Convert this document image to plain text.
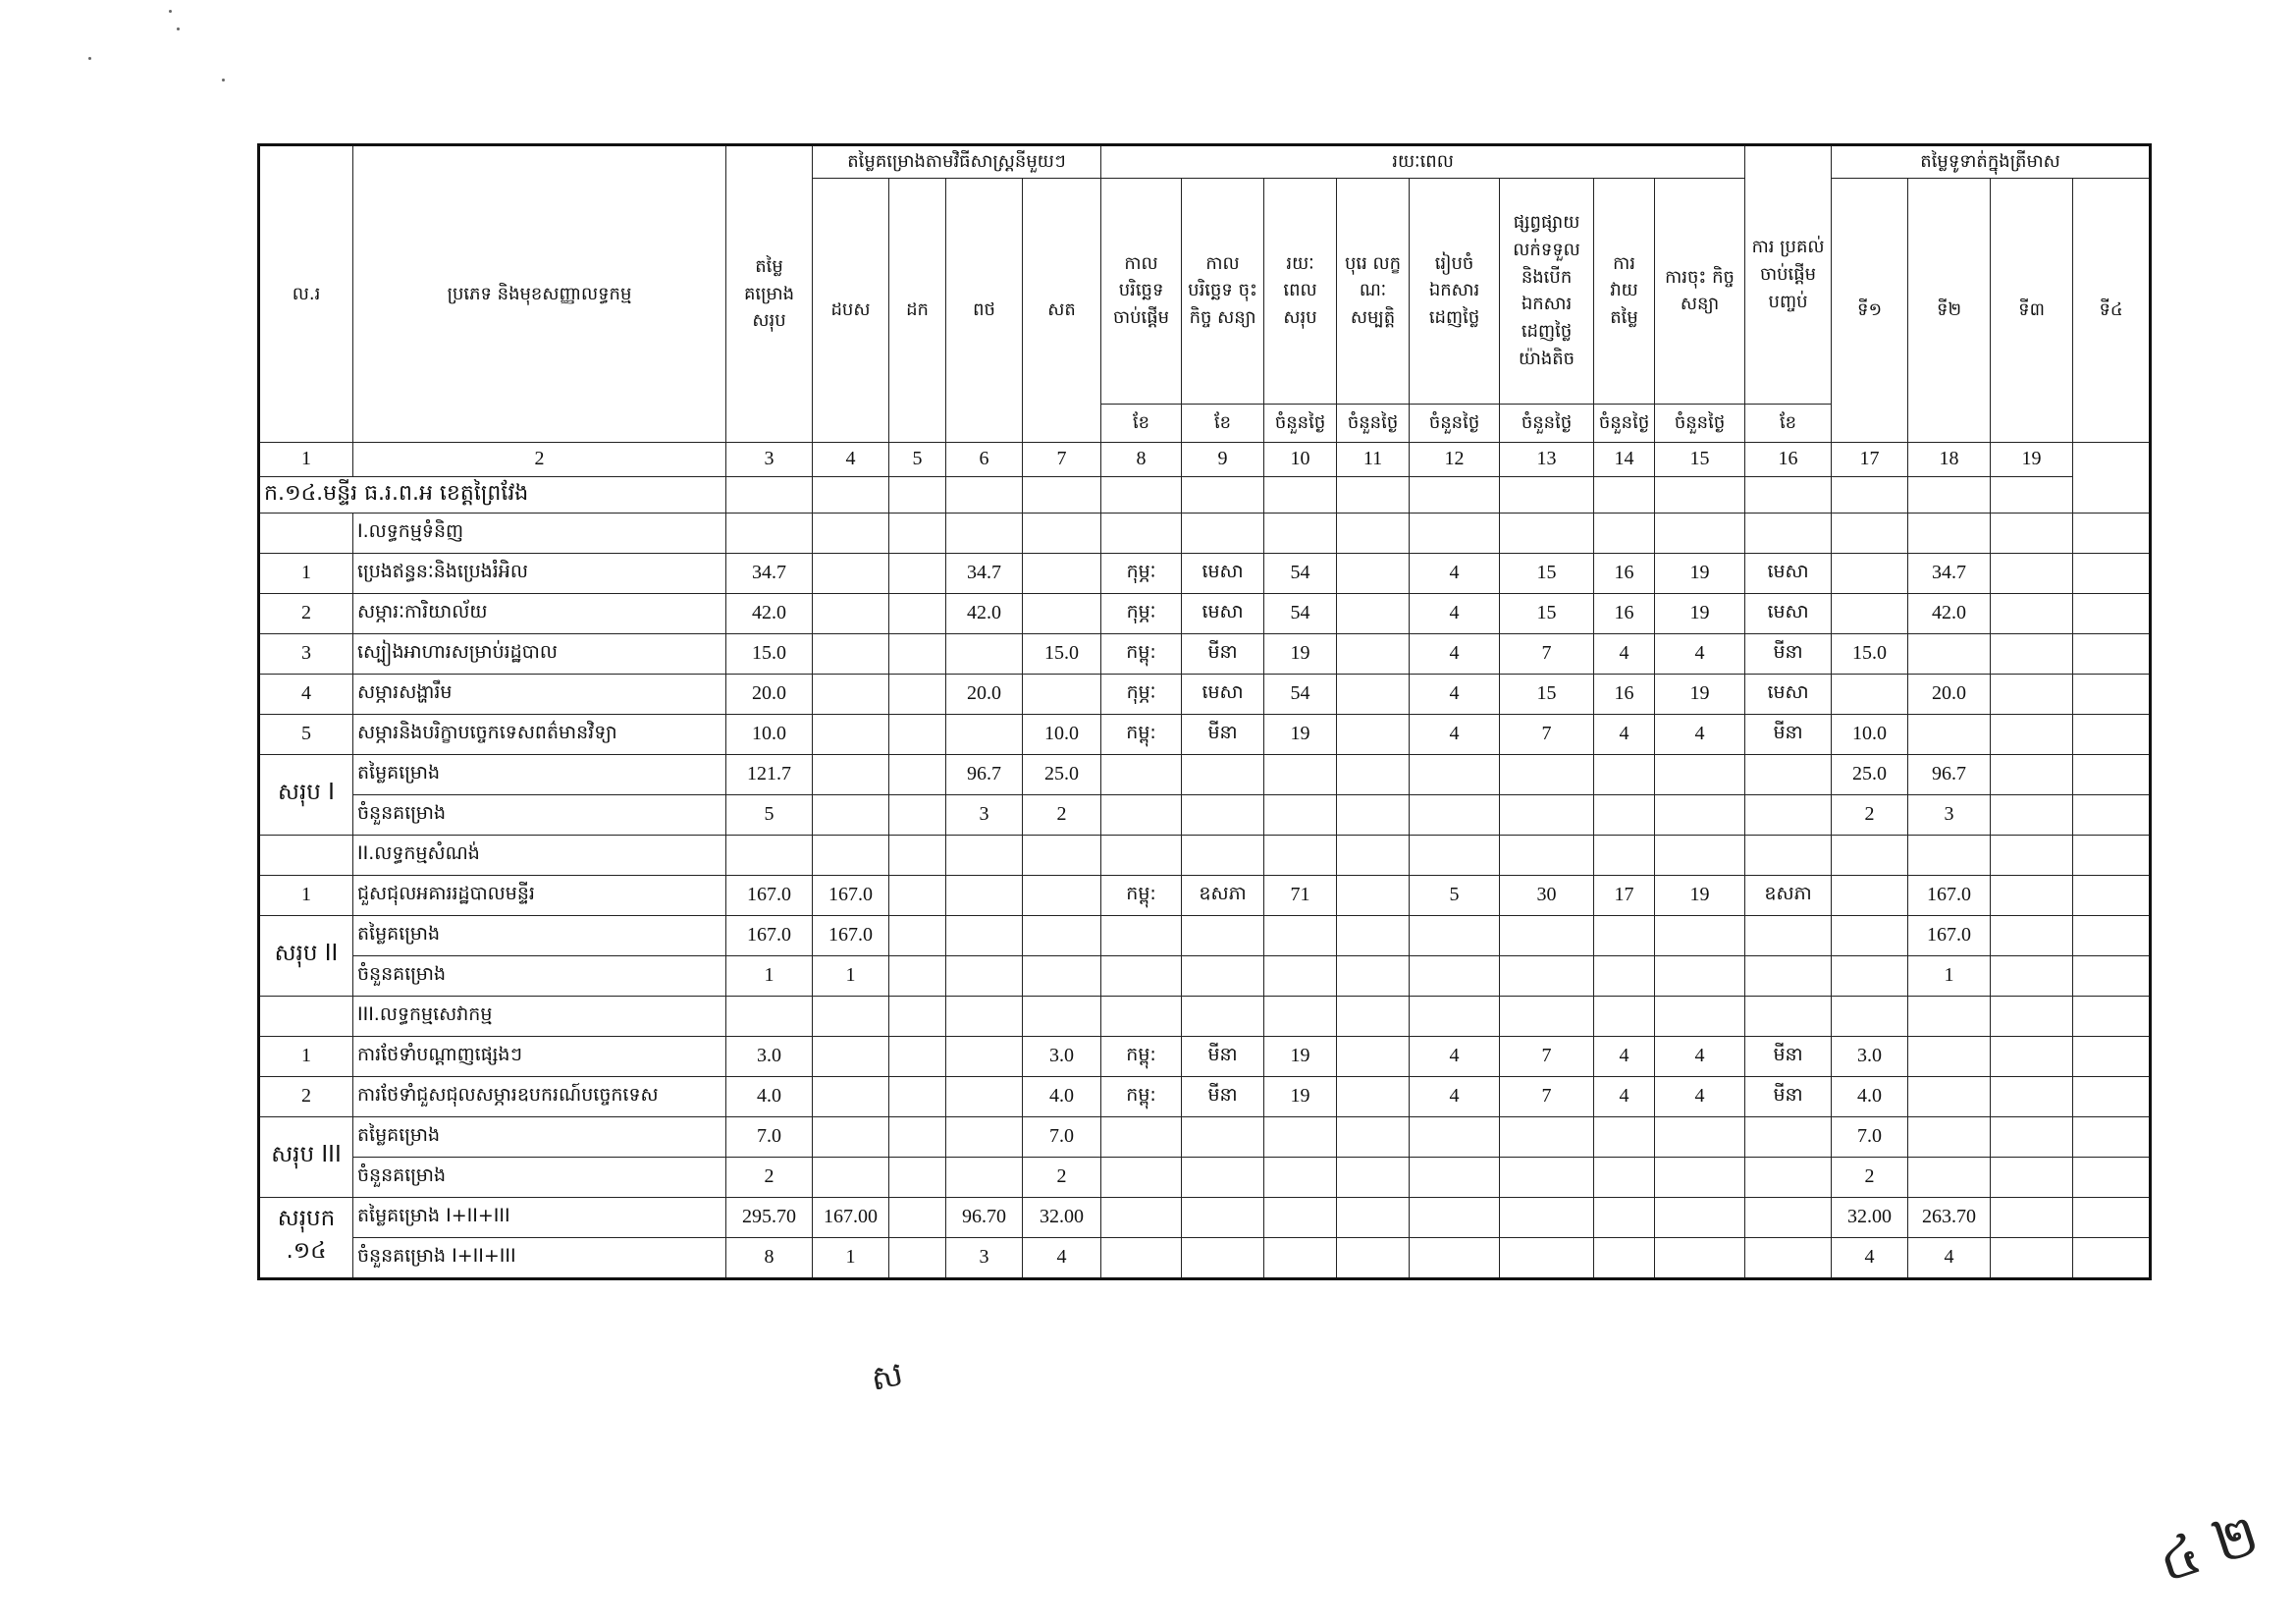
ល.រ	ប្រភេទ និងមុខសញ្ញាលទ្ធកម្ម	តម្លៃ គម្រោង សរុប	តម្លៃគម្រោងតាមវិធីសាស្ត្រនីមួយៗ				រយៈពេល								ការ ប្រគល់ ចាប់ផ្តើម បញ្ចប់	តម្លៃទូទាត់ក្នុងត្រីមាស			
			ដបស	ដក	ពថ	សត	កាល បរិច្ឆេទ ចាប់ផ្តើម	កាល បរិច្ឆេទ ចុះកិច្ច សន្យា	រយៈ ពេល សរុប	បុរេ លក្ខ ណៈ សម្បត្តិ	រៀបចំ ឯកសារ ដេញថ្លៃ	ផ្សព្វផ្សាយ លក់ទទួល និងបើក ឯកសារ ដេញថ្លៃ យ៉ាងតិច	ការ វាយ តម្លៃ	ការចុះ កិច្ចសន្យា		ទី១	ទី២	ទី៣	ទី៤
							ខែ	ខែ	ចំនួនថ្ងៃ	ចំនួនថ្ងៃ	ចំនួនថ្ងៃ	ចំនួនថ្ងៃ	ចំនួនថ្ងៃ	ចំនួនថ្ងៃ	ខែ				
1	2	3	4	5	6	7	8	9	10	11	12	13	14	15	16	17	18	19	
ក.១៤.មន្ទីរ ធ.រ.ព.អ ខេត្តព្រៃវែង																			
	I.លទ្ធកម្មទំនិញ																		
1	ប្រេងឥន្ធនៈនិងប្រេងរំអិល	34.7			34.7		កុម្ភៈ	មេសា	54		4	15	16	19	មេសា		34.7		
2	សម្ភារៈការិយាល័យ	42.0			42.0		កុម្ភៈ	មេសា	54		4	15	16	19	មេសា		42.0		
3	ស្បៀងអាហារសម្រាប់រដ្ឋបាល	15.0				15.0	កម្ពុ:	មីនា	19		4	7	4	4	មីនា	15.0			
4	សម្ភារសង្ហារឹម	20.0			20.0		កុម្ភៈ	មេសា	54		4	15	16	19	មេសា		20.0		
5	សម្ភារនិងបរិក្ខាបច្ចេកទេសពត៌មានវិទ្យា	10.0				10.0	កម្ពុ:	មីនា	19		4	7	4	4	មីនា	10.0			
សរុប I	តម្លៃគម្រោង	121.7			96.7	25.0										25.0	96.7		
	ចំនួនគម្រោង	5			3	2										2	3		
	II.លទ្ធកម្មសំណង់																		
1	ជួសជុលអគាររដ្ឋបាលមន្ទីរ	167.0	167.0				កម្ពុ:	ឧសភា	71		5	30	17	19	ឧសភា		167.0		
សរុប II	តម្លៃគម្រោង	167.0	167.0														167.0		
	ចំនួនគម្រោង	1	1														1		
	III.លទ្ធកម្មសេវាកម្ម																		
1	ការថែទាំបណ្តាញផ្សេងៗ	3.0				3.0	កម្ពុ:	មីនា	19		4	7	4	4	មីនា	3.0			
2	ការថែទាំជួសជុលសម្ភារឧបករណ៍បច្ចេកទេស	4.0				4.0	កម្ពុ:	មីនា	19		4	7	4	4	មីនា	4.0			
សរុប III	តម្លៃគម្រោង	7.0				7.0										7.0			
	ចំនួនគម្រោង	2				2										2			
សរុបក .១៤	តម្លៃគម្រោង I+II+III	295.70	167.00		96.70	32.00										32.00	263.70		
	ចំនួនគម្រោង I+II+III	8	1		3	4										4	4		
ស
៤ ២
